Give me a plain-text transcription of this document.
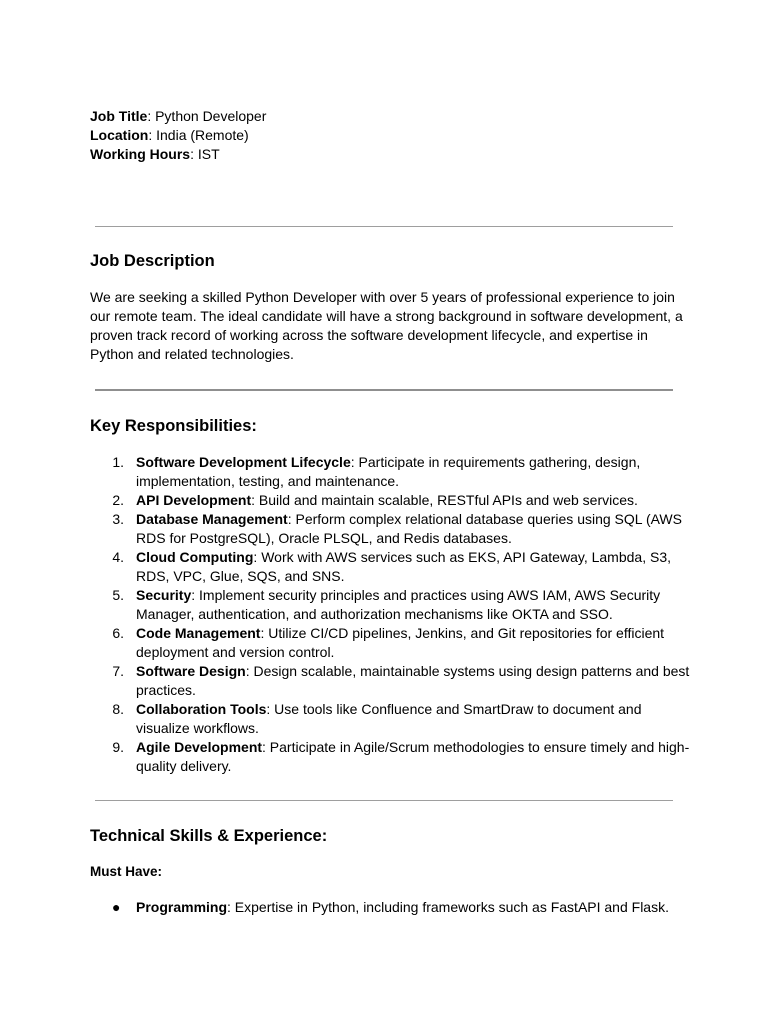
Job Title: Python Developer
Location: India (Remote)
Working Hours: IST
Job Description
We are seeking a skilled Python Developer with over 5 years of professional experience to join our remote team. The ideal candidate will have a strong background in software development, a proven track record of working across the software development lifecycle, and expertise in Python and related technologies.
Key Responsibilities:
1. Software Development Lifecycle: Participate in requirements gathering, design, implementation, testing, and maintenance.
2. API Development: Build and maintain scalable, RESTful APIs and web services.
3. Database Management: Perform complex relational database queries using SQL (AWS RDS for PostgreSQL), Oracle PLSQL, and Redis databases.
4. Cloud Computing: Work with AWS services such as EKS, API Gateway, Lambda, S3, RDS, VPC, Glue, SQS, and SNS.
5. Security: Implement security principles and practices using AWS IAM, AWS Security Manager, authentication, and authorization mechanisms like OKTA and SSO.
6. Code Management: Utilize CI/CD pipelines, Jenkins, and Git repositories for efficient deployment and version control.
7. Software Design: Design scalable, maintainable systems using design patterns and best practices.
8. Collaboration Tools: Use tools like Confluence and SmartDraw to document and visualize workflows.
9. Agile Development: Participate in Agile/Scrum methodologies to ensure timely and high-quality delivery.
Technical Skills & Experience:
Must Have:
● Programming: Expertise in Python, including frameworks such as FastAPI and Flask.
